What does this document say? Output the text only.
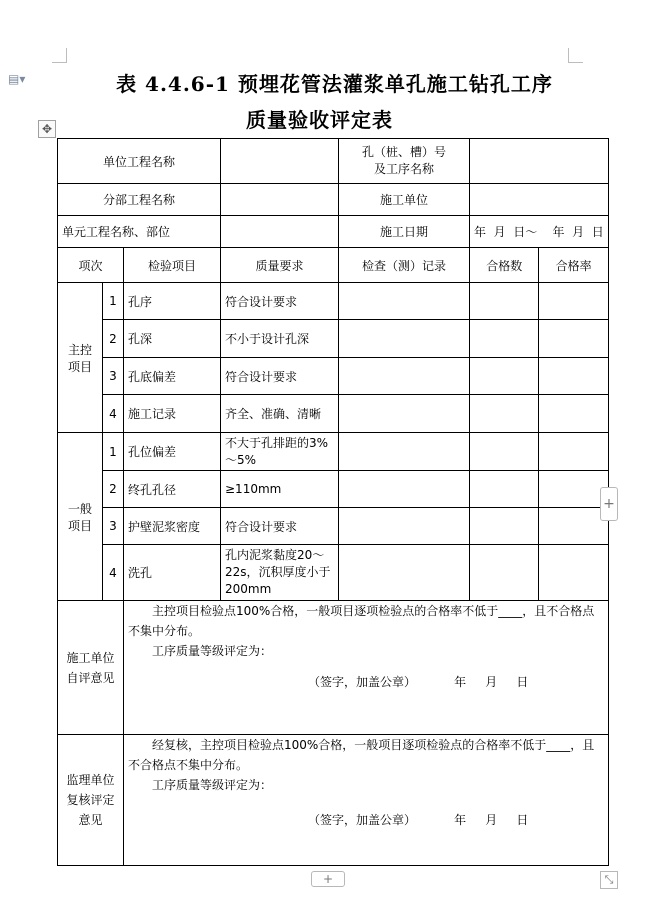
▤▾	表 4.4.6-1 预埋花管法灌浆单孔施工钻孔工序
质量验收评定表
✥
单位工程名称				孔（桩、槽）号
及工序名称		

分部工程名称				施工单位		
单元工程名称、部位				施工日期	年  月  日～    年  月  日	
项次		检验项目	质量要求	检查（测）记录	合格数	合格率
主控项目	1	孔序	符合设计要求			
	2	孔深	不小于设计孔深			
	3	孔底偏差	符合设计要求			
	4	施工记录	齐全、准确、清晰			
一般项目	1	孔位偏差	不大于孔排距的3%～5%			
	2	终孔孔径	≥110mm			
	3	护壁泥浆密度	符合设计要求			
	4	洗孔	孔内泥浆黏度20～22s，沉积厚度小于200mm			
施工单位自评意见		主控项目检验点100%合格，一般项目逐项检验点的合格率不低于____，且不合格点不集中分布。
工序质量等级评定为：
（签字，加盖公章） 年     月     日				

监理单位复核评定意见		经复核，主控项目检验点100%合格，一般项目逐项检验点的合格率不低于____，且不合格点不集中分布。
工序质量等级评定为：
（签字，加盖公章） 年     月     日				
+
+	⤡
